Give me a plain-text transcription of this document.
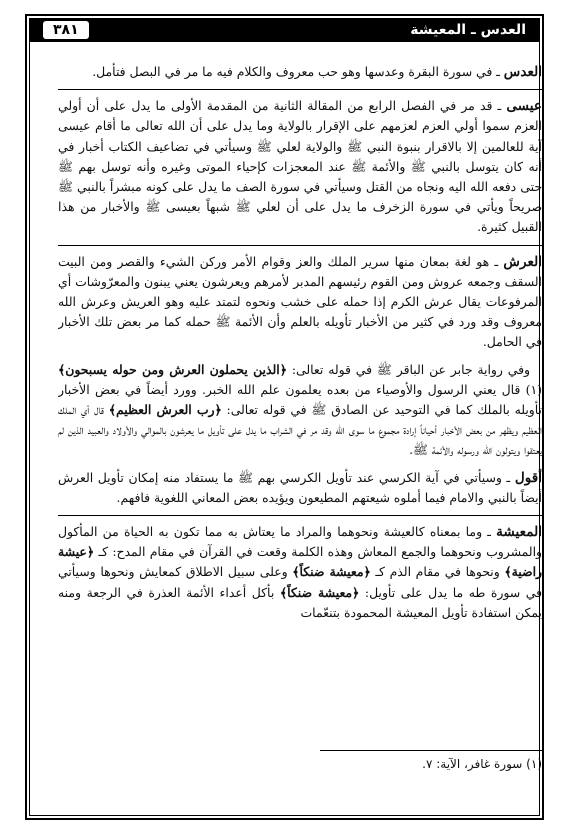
العدس ـ المعيشة
٣٨١

العدس ـ في سورة البقرة وعدسها وهو حب معروف والكلام فيه ما مر في البصل فتأمل.

عيسى ـ قد مر في الفصل الرابع من المقالة الثانية من المقدمة الأولى ما يدل على أن أولي العزم سموا أولي العزم لعزمهم على الإقرار بالولاية وما يدل على أن الله تعالى ما أقام عيسى آية للعالمين إلا بالاقرار بنبوة النبي ﷺ والولاية لعلي ﷺ وسيأتي في تضاعيف الكتاب أخبار في أنه كان يتوسل بالنبي ﷺ والأئمة ﷺ عند المعجزات كإحياء الموتى وغيره وأنه توسل بهم ﷺ حتى دفعه الله اليه ونجاه من القتل وسيأتي في سورة الصف ما يدل على كونه مبشراً بالنبي ﷺ صريحاً ويأتي في سورة الزخرف ما يدل على أن لعلي ﷺ شبهاً بعيسى ﷺ والأخبار من هذا القبيل كثيرة.

العرش ـ هو لغة بمعان منها سرير الملك والعز وقوام الأمر وركن الشيء والقصر ومن البيت السقف وجمعه عروش ومن القوم رئيسهم المدبر لأمرهم ويعرشون يعني يبنون والمعرّوشات أي المرفوعات يقال عرش الكرم إذا حمله على خشب ونحوه لتمتد عليه وهو العريش وعرش الله معروف وقد ورد في كثير من الأخبار تأويله بالعلم وأن الأئمة ﷺ حمله كما مر بعض تلك الأخبار في الحامل.

وفي رواية جابر عن الباقر ﷺ في قوله تعالى: ﴿الذين يحملون العرش ومن حوله يسبحون﴾(١) قال يعني الرسول والأوصياء من بعده يعلمون علم الله الخبر. وورد أيضاً في بعض الأخبار تأويله بالملك كما في التوحيد عن الصادق ﷺ في قوله تعالى: ﴿رب العرش العظيم﴾ قال أي الملك العظيم ويظهر من بعض الأخبار أحياناً إرادة مجموع ما سوى الله وقد مر في الشراب ما يدل على تأويل ما يعرشون بالموالي والأولاد والعبيد الذين لم يعتقوا ويتولون الله ورسوله والأئمة ﷺ.

أقول ـ وسيأتي في آية الكرسي عند تأويل الكرسي بهم ﷺ ما يستفاد منه إمكان تأويل العرش أيضاً بالنبي والامام فيما أملوه شيعتهم المطيعون ويؤيده بعض المعاني اللغوية فافهم.

المعيشة ـ وما بمعناه كالعيشة ونحوهما والمراد ما يعتاش به مما تكون به الحياة من المأكول والمشروب ونحوهما والجمع المعاش وهذه الكلمة وقعت في القرآن في مقام المدح: كـ ﴿عيشة راضية﴾ ونحوها في مقام الذم كـ ﴿معيشة ضنكاً﴾ وعلى سبيل الاطلاق كمعايش ونحوها وسيأتي في سورة طه ما يدل على تأويل: ﴿معيشة ضنكاً﴾ بأكل أعداء الأئمة العذرة في الرجعة ومنه يمكن استفادة تأويل المعيشة المحمودة بتنعّمات

(١) سورة غافر، الآية: ٧.
